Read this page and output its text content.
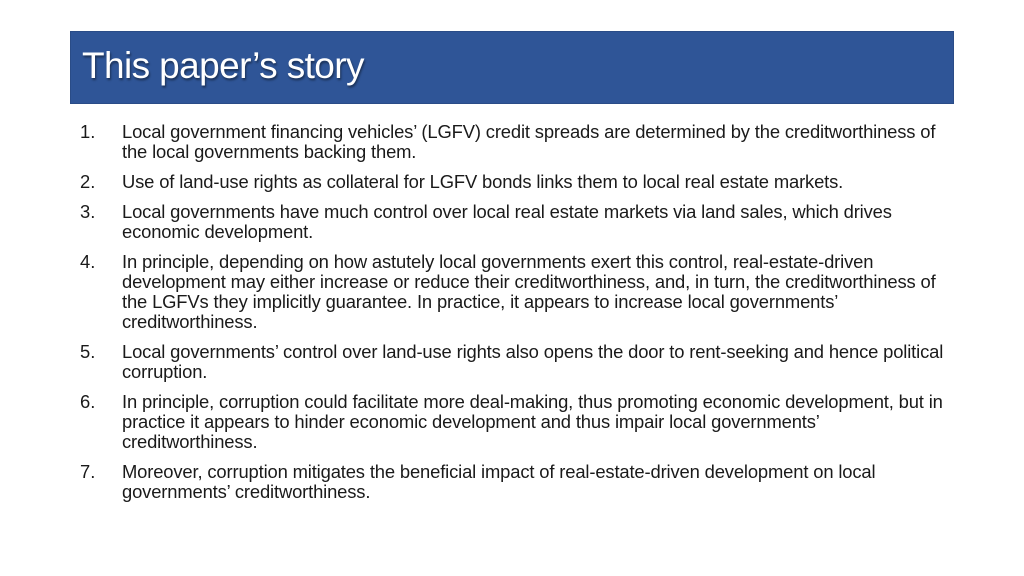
This paper’s story
1.	Local government financing vehicles’ (LGFV) credit spreads are determined by the creditworthiness of the local governments backing them.
2.	Use of land-use rights as collateral for LGFV bonds links them to local real estate markets.
3.	Local governments have much control over local real estate markets via land sales, which drives economic development.
4.	In principle, depending on how astutely local governments exert this control, real-estate-driven development may either increase or reduce their creditworthiness, and, in turn, the creditworthiness of the LGFVs they implicitly guarantee. In practice, it appears to increase local governments’ creditworthiness.
5.	Local governments’ control over land-use rights also opens the door to rent-seeking and hence political corruption.
6.	In principle, corruption could facilitate more deal-making, thus promoting economic development, but in practice it appears to hinder economic development and thus impair local governments’ creditworthiness.
7.	Moreover, corruption mitigates the beneficial impact of real-estate-driven development on local governments’ creditworthiness.
